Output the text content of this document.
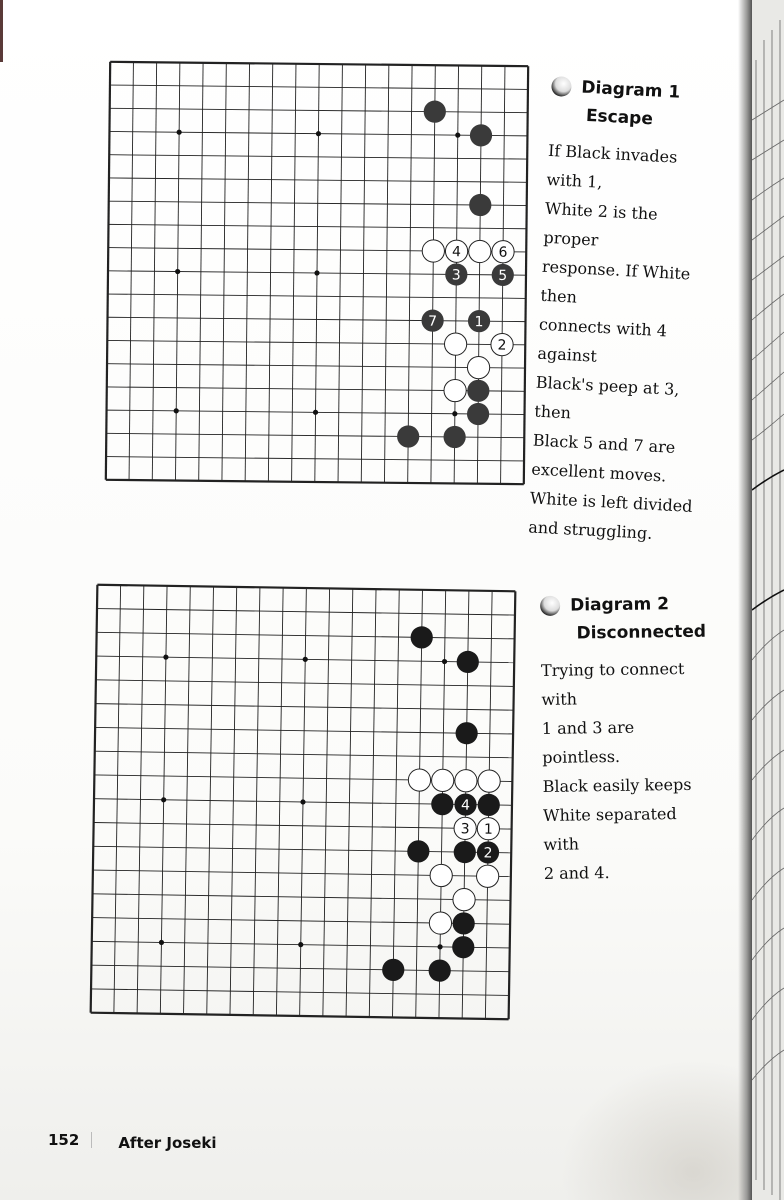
4	6
3	5
7	1
2
Diagram 1
Escape

If Black invades with 1,

White 2 is the proper

response. If White then

connects with 4 against

Black's peep at 3, then

Black 5 and 7 are

excellent moves.

White is left divided

and struggling.

4
3 1
2
Diagram 2
Disconnected

Trying to connect with

1 and 3 are pointless.

Black easily keeps

White separated with

2 and 4.

152	After Joseki
